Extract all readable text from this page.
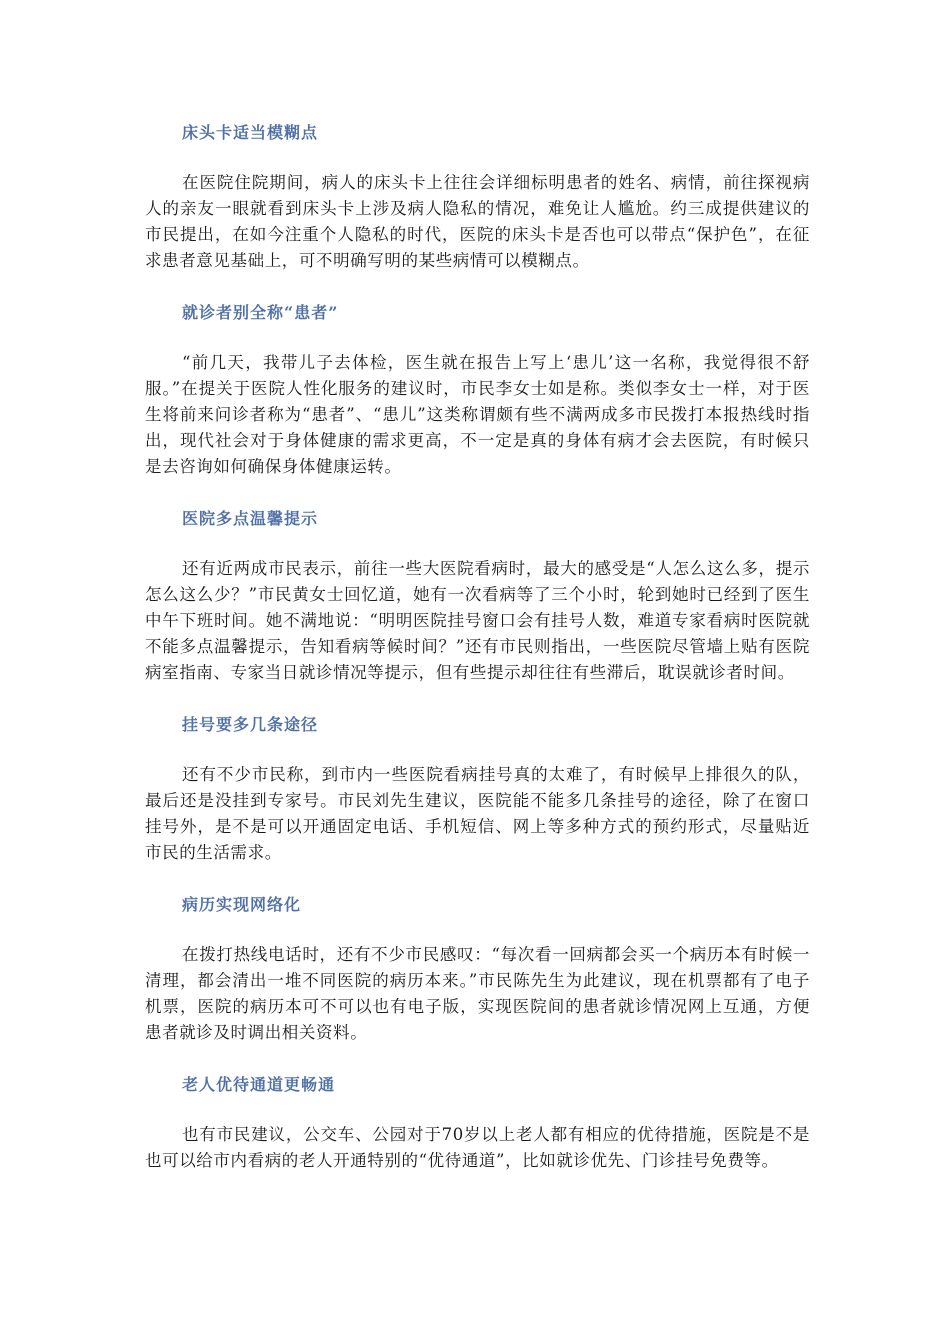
床头卡适当模糊点

在医院住院期间，病人的床头卡上往往会详细标明患者的姓名、病情，前往探视病人的亲友一眼就看到床头卡上涉及病人隐私的情况，难免让人尴尬。约三成提供建议的市民提出，在如今注重个人隐私的时代，医院的床头卡是否也可以带点“保护色”，在征求患者意见基础上，可不明确写明的某些病情可以模糊点。

就诊者别全称“患者”

“前几天，我带儿子去体检，医生就在报告上写上‘患儿’这一名称，我觉得很不舒服。”在提关于医院人性化服务的建议时，市民李女士如是称。类似李女士一样，对于医生将前来问诊者称为“患者”、“患儿”这类称谓颇有些不满两成多市民拨打本报热线时指出，现代社会对于身体健康的需求更高，不一定是真的身体有病才会去医院，有时候只是去咨询如何确保身体健康运转。

医院多点温馨提示

还有近两成市民表示，前往一些大医院看病时，最大的感受是“人怎么这么多，提示怎么这么少？”市民黄女士回忆道，她有一次看病等了三个小时，轮到她时已经到了医生中午下班时间。她不满地说：“明明医院挂号窗口会有挂号人数，难道专家看病时医院就不能多点温馨提示，告知看病等候时间？”还有市民则指出，一些医院尽管墙上贴有医院病室指南、专家当日就诊情况等提示，但有些提示却往往有些滞后，耽误就诊者时间。

挂号要多几条途径

还有不少市民称，到市内一些医院看病挂号真的太难了，有时候早上排很久的队，最后还是没挂到专家号。市民刘先生建议，医院能不能多几条挂号的途径，除了在窗口挂号外，是不是可以开通固定电话、手机短信、网上等多种方式的预约形式，尽量贴近市民的生活需求。

病历实现网络化

在拨打热线电话时，还有不少市民感叹：“每次看一回病都会买一个病历本有时候一清理，都会清出一堆不同医院的病历本来。”市民陈先生为此建议，现在机票都有了电子机票，医院的病历本可不可以也有电子版，实现医院间的患者就诊情况网上互通，方便患者就诊及时调出相关资料。

老人优待通道更畅通

也有市民建议，公交车、公园对于70岁以上老人都有相应的优待措施，医院是不是也可以给市内看病的老人开通特别的“优待通道”，比如就诊优先、门诊挂号免费等。
